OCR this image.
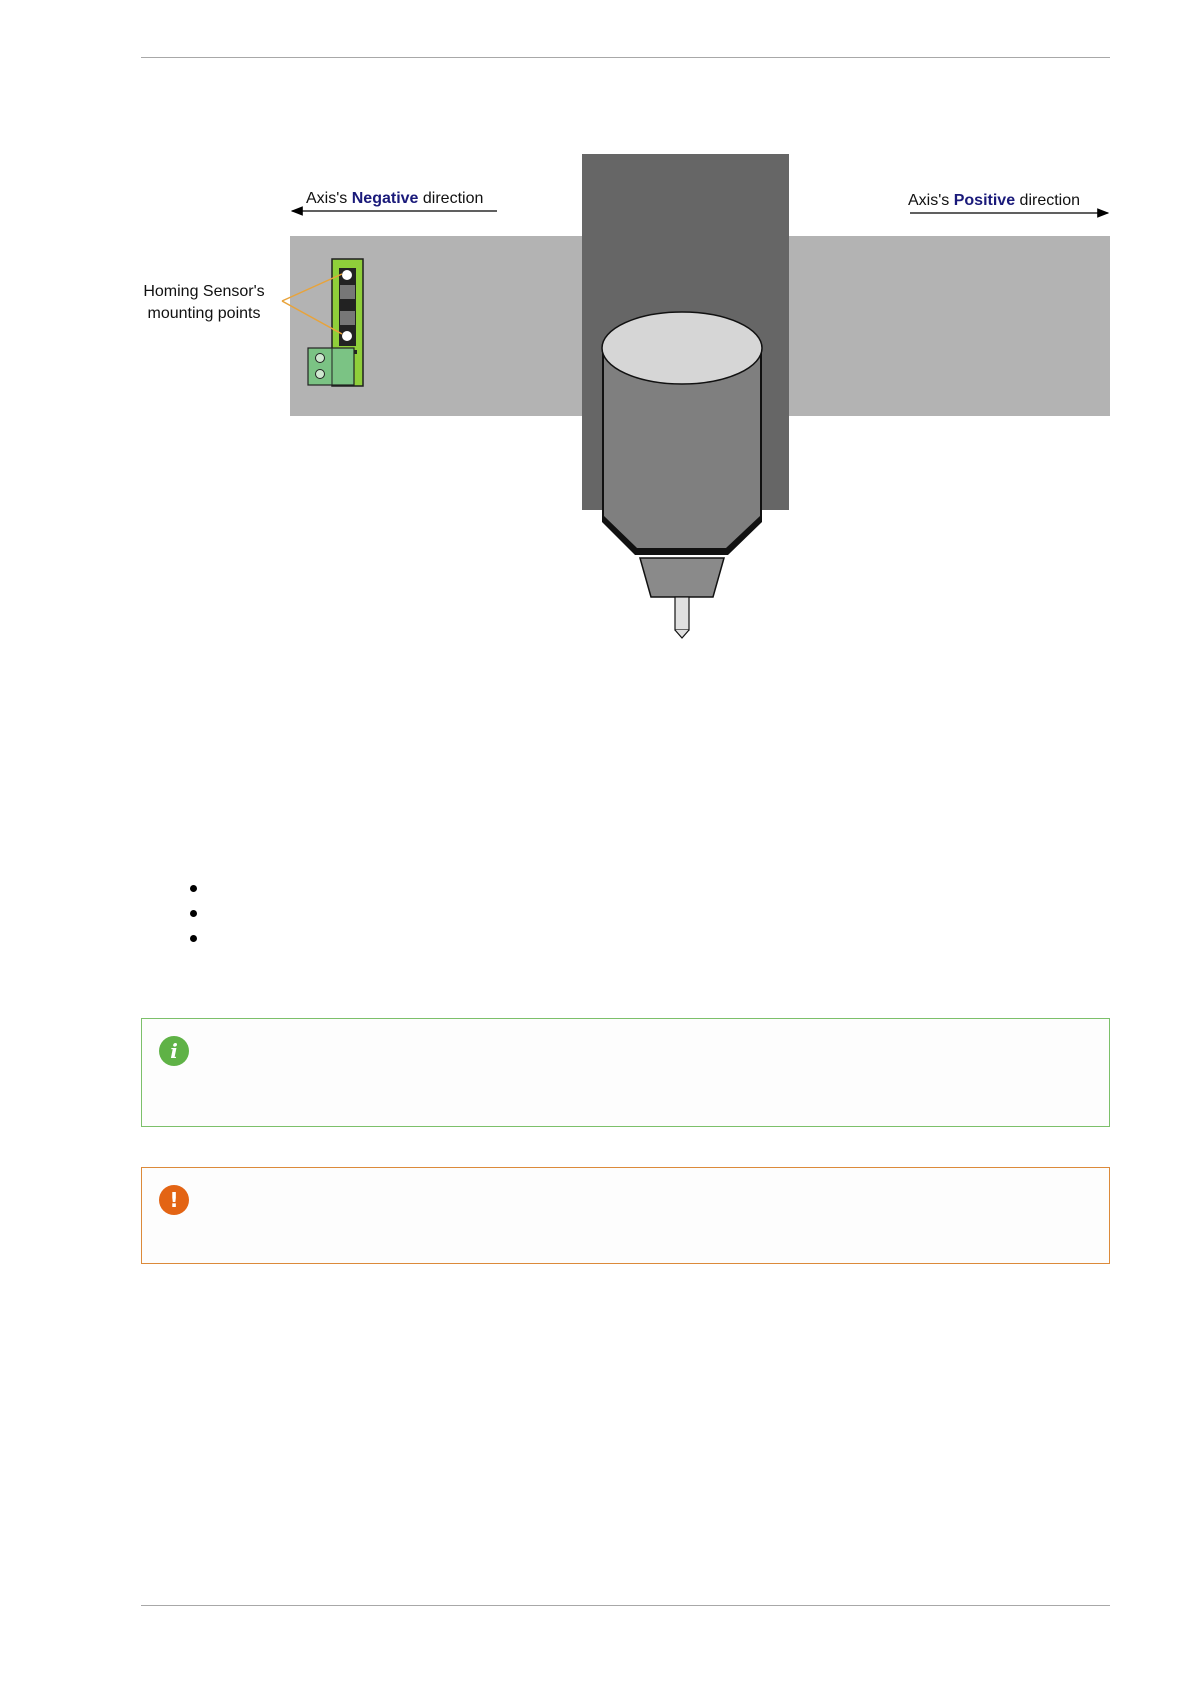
Axis's Negative direction	Axis's Positive direction
Homing Sensor's mounting points
i
!
